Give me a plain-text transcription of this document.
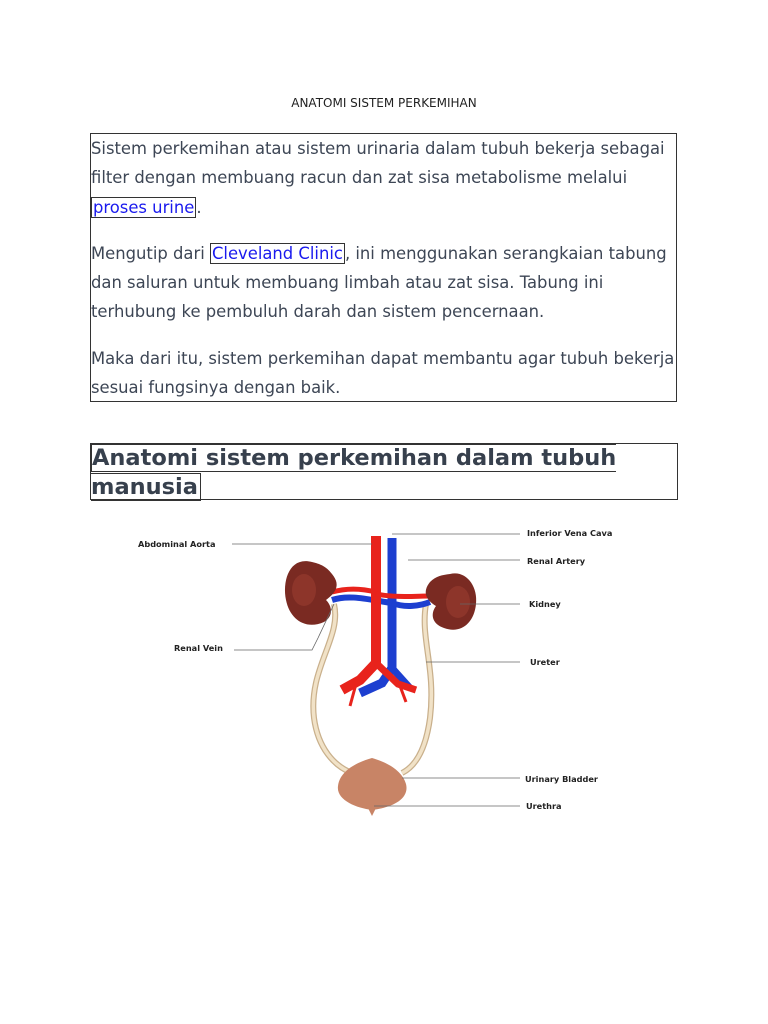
ANATOMI SISTEM PERKEMIHAN

Sistem perkemihan atau sistem urinaria dalam tubuh bekerja sebagai filter dengan membuang racun dan zat sisa metabolisme melalui proses urine .

Mengutip dari Cleveland Clinic , ini menggunakan serangkaian tabung dan saluran untuk membuang limbah atau zat sisa. Tabung ini terhubung ke pembuluh darah dan sistem pencernaan.

Maka dari itu, sistem perkemihan dapat membantu agar tubuh bekerja sesuai fungsinya dengan baik.

Anatomi sistem perkemihan dalam tubuh manusia
Abdominal Aorta
Inferior Vena Cava
Renal Artery
Kidney
Renal Vein
Ureter
Urinary Bladder
Urethra
